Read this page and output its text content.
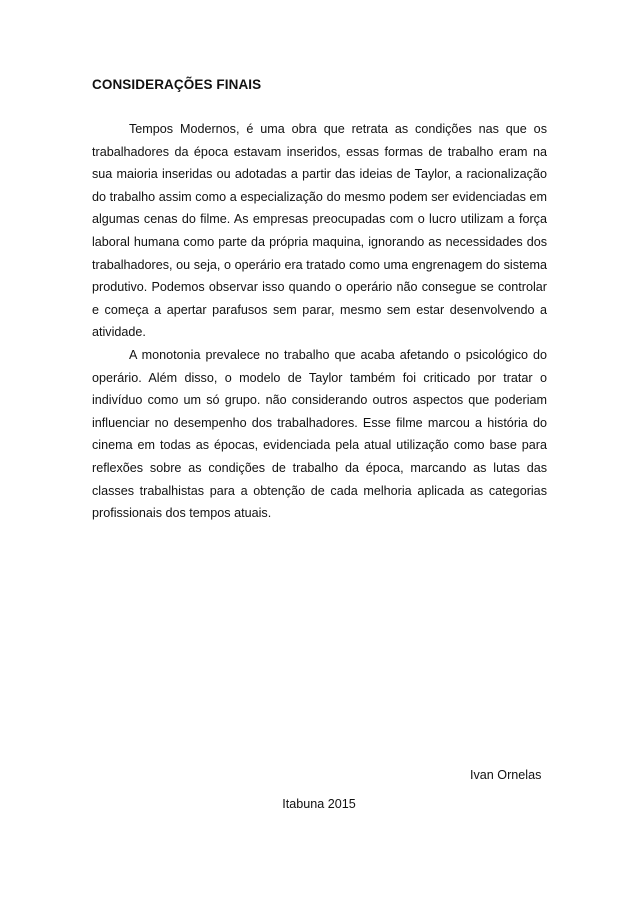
CONSIDERAÇÕES FINAIS

Tempos Modernos, é uma obra que retrata as condições nas que os trabalhadores da época estavam inseridos, essas formas de trabalho eram na sua maioria inseridas ou adotadas a partir das ideias de Taylor, a racionalização do trabalho assim como a especialização do mesmo podem ser evidenciadas em algumas cenas do filme. As empresas preocupadas com o lucro utilizam a força laboral humana como parte da própria maquina, ignorando as necessidades dos trabalhadores, ou seja, o operário era tratado como uma engrenagem do sistema produtivo. Podemos observar isso quando o operário não consegue se controlar e começa a apertar parafusos sem parar, mesmo sem estar desenvolvendo a atividade.

A monotonia prevalece no trabalho que acaba afetando o psicológico do operário. Além disso, o modelo de Taylor também foi criticado por tratar o indivíduo como um só grupo. não considerando outros aspectos que poderiam influenciar no desempenho dos trabalhadores. Esse filme marcou a história do cinema em todas as épocas, evidenciada pela atual utilização como base para reflexões sobre as condições de trabalho da época, marcando as lutas das classes trabalhistas para a obtenção de cada melhoria aplicada as categorias profissionais dos tempos atuais.

Ivan Ornelas

Itabuna 2015
